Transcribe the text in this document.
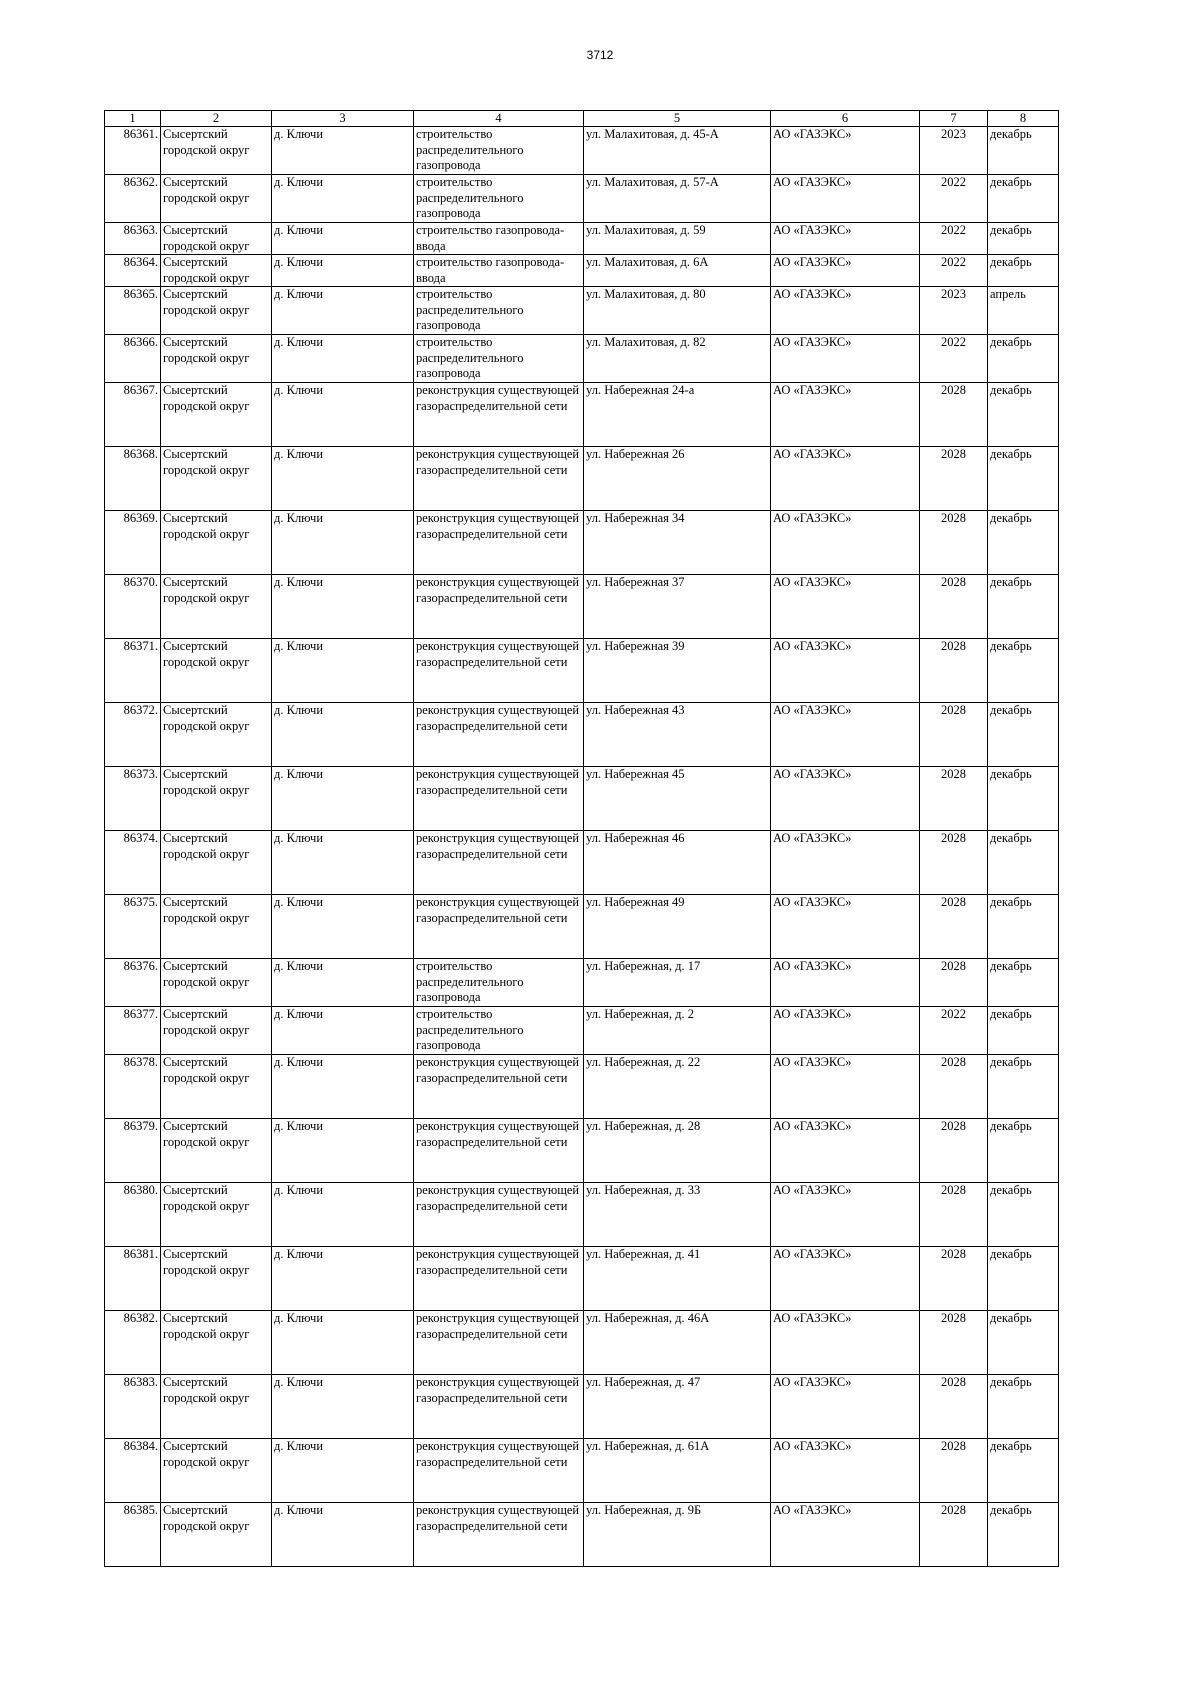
3712
1	2	3	4	5	6	7	8
86361.	Сысертский городской округ	д. Ключи	строительство распределительного газопровода	ул. Малахитовая, д. 45-А	АО «ГАЗЭКС»	2023	декабрь
86362.	Сысертский городской округ	д. Ключи	строительство распределительного газопровода	ул. Малахитовая, д. 57-А	АО «ГАЗЭКС»	2022	декабрь
86363.	Сысертский городской округ	д. Ключи	строительство газопровода-ввода	ул. Малахитовая, д. 59	АО «ГАЗЭКС»	2022	декабрь
86364.	Сысертский городской округ	д. Ключи	строительство газопровода-ввода	ул. Малахитовая, д. 6А	АО «ГАЗЭКС»	2022	декабрь
86365.	Сысертский городской округ	д. Ключи	строительство распределительного газопровода	ул. Малахитовая, д. 80	АО «ГАЗЭКС»	2023	апрель
86366.	Сысертский городской округ	д. Ключи	строительство распределительного газопровода	ул. Малахитовая, д. 82	АО «ГАЗЭКС»	2022	декабрь
86367.	Сысертский городской округ	д. Ключи	реконструкция существующей газораспределительной сети	ул. Набережная 24-а	АО «ГАЗЭКС»	2028	декабрь
86368.	Сысертский городской округ	д. Ключи	реконструкция существующей газораспределительной сети	ул. Набережная 26	АО «ГАЗЭКС»	2028	декабрь
86369.	Сысертский городской округ	д. Ключи	реконструкция существующей газораспределительной сети	ул. Набережная 34	АО «ГАЗЭКС»	2028	декабрь
86370.	Сысертский городской округ	д. Ключи	реконструкция существующей газораспределительной сети	ул. Набережная 37	АО «ГАЗЭКС»	2028	декабрь
86371.	Сысертский городской округ	д. Ключи	реконструкция существующей газораспределительной сети	ул. Набережная 39	АО «ГАЗЭКС»	2028	декабрь
86372.	Сысертский городской округ	д. Ключи	реконструкция существующей газораспределительной сети	ул. Набережная 43	АО «ГАЗЭКС»	2028	декабрь
86373.	Сысертский городской округ	д. Ключи	реконструкция существующей газораспределительной сети	ул. Набережная 45	АО «ГАЗЭКС»	2028	декабрь
86374.	Сысертский городской округ	д. Ключи	реконструкция существующей газораспределительной сети	ул. Набережная 46	АО «ГАЗЭКС»	2028	декабрь
86375.	Сысертский городской округ	д. Ключи	реконструкция существующей газораспределительной сети	ул. Набережная 49	АО «ГАЗЭКС»	2028	декабрь
86376.	Сысертский городской округ	д. Ключи	строительство распределительного газопровода	ул. Набережная, д. 17	АО «ГАЗЭКС»	2028	декабрь
86377.	Сысертский городской округ	д. Ключи	строительство распределительного газопровода	ул. Набережная, д. 2	АО «ГАЗЭКС»	2022	декабрь
86378.	Сысертский городской округ	д. Ключи	реконструкция существующей газораспределительной сети	ул. Набережная, д. 22	АО «ГАЗЭКС»	2028	декабрь
86379.	Сысертский городской округ	д. Ключи	реконструкция существующей газораспределительной сети	ул. Набережная, д. 28	АО «ГАЗЭКС»	2028	декабрь
86380.	Сысертский городской округ	д. Ключи	реконструкция существующей газораспределительной сети	ул. Набережная, д. 33	АО «ГАЗЭКС»	2028	декабрь
86381.	Сысертский городской округ	д. Ключи	реконструкция существующей газораспределительной сети	ул. Набережная, д. 41	АО «ГАЗЭКС»	2028	декабрь
86382.	Сысертский городской округ	д. Ключи	реконструкция существующей газораспределительной сети	ул. Набережная, д. 46А	АО «ГАЗЭКС»	2028	декабрь
86383.	Сысертский городской округ	д. Ключи	реконструкция существующей газораспределительной сети	ул. Набережная, д. 47	АО «ГАЗЭКС»	2028	декабрь
86384.	Сысертский городской округ	д. Ключи	реконструкция существующей газораспределительной сети	ул. Набережная, д. 61А	АО «ГАЗЭКС»	2028	декабрь
86385.	Сысертский городской округ	д. Ключи	реконструкция существующей газораспределительной сети	ул. Набережная, д. 9Б	АО «ГАЗЭКС»	2028	декабрь
